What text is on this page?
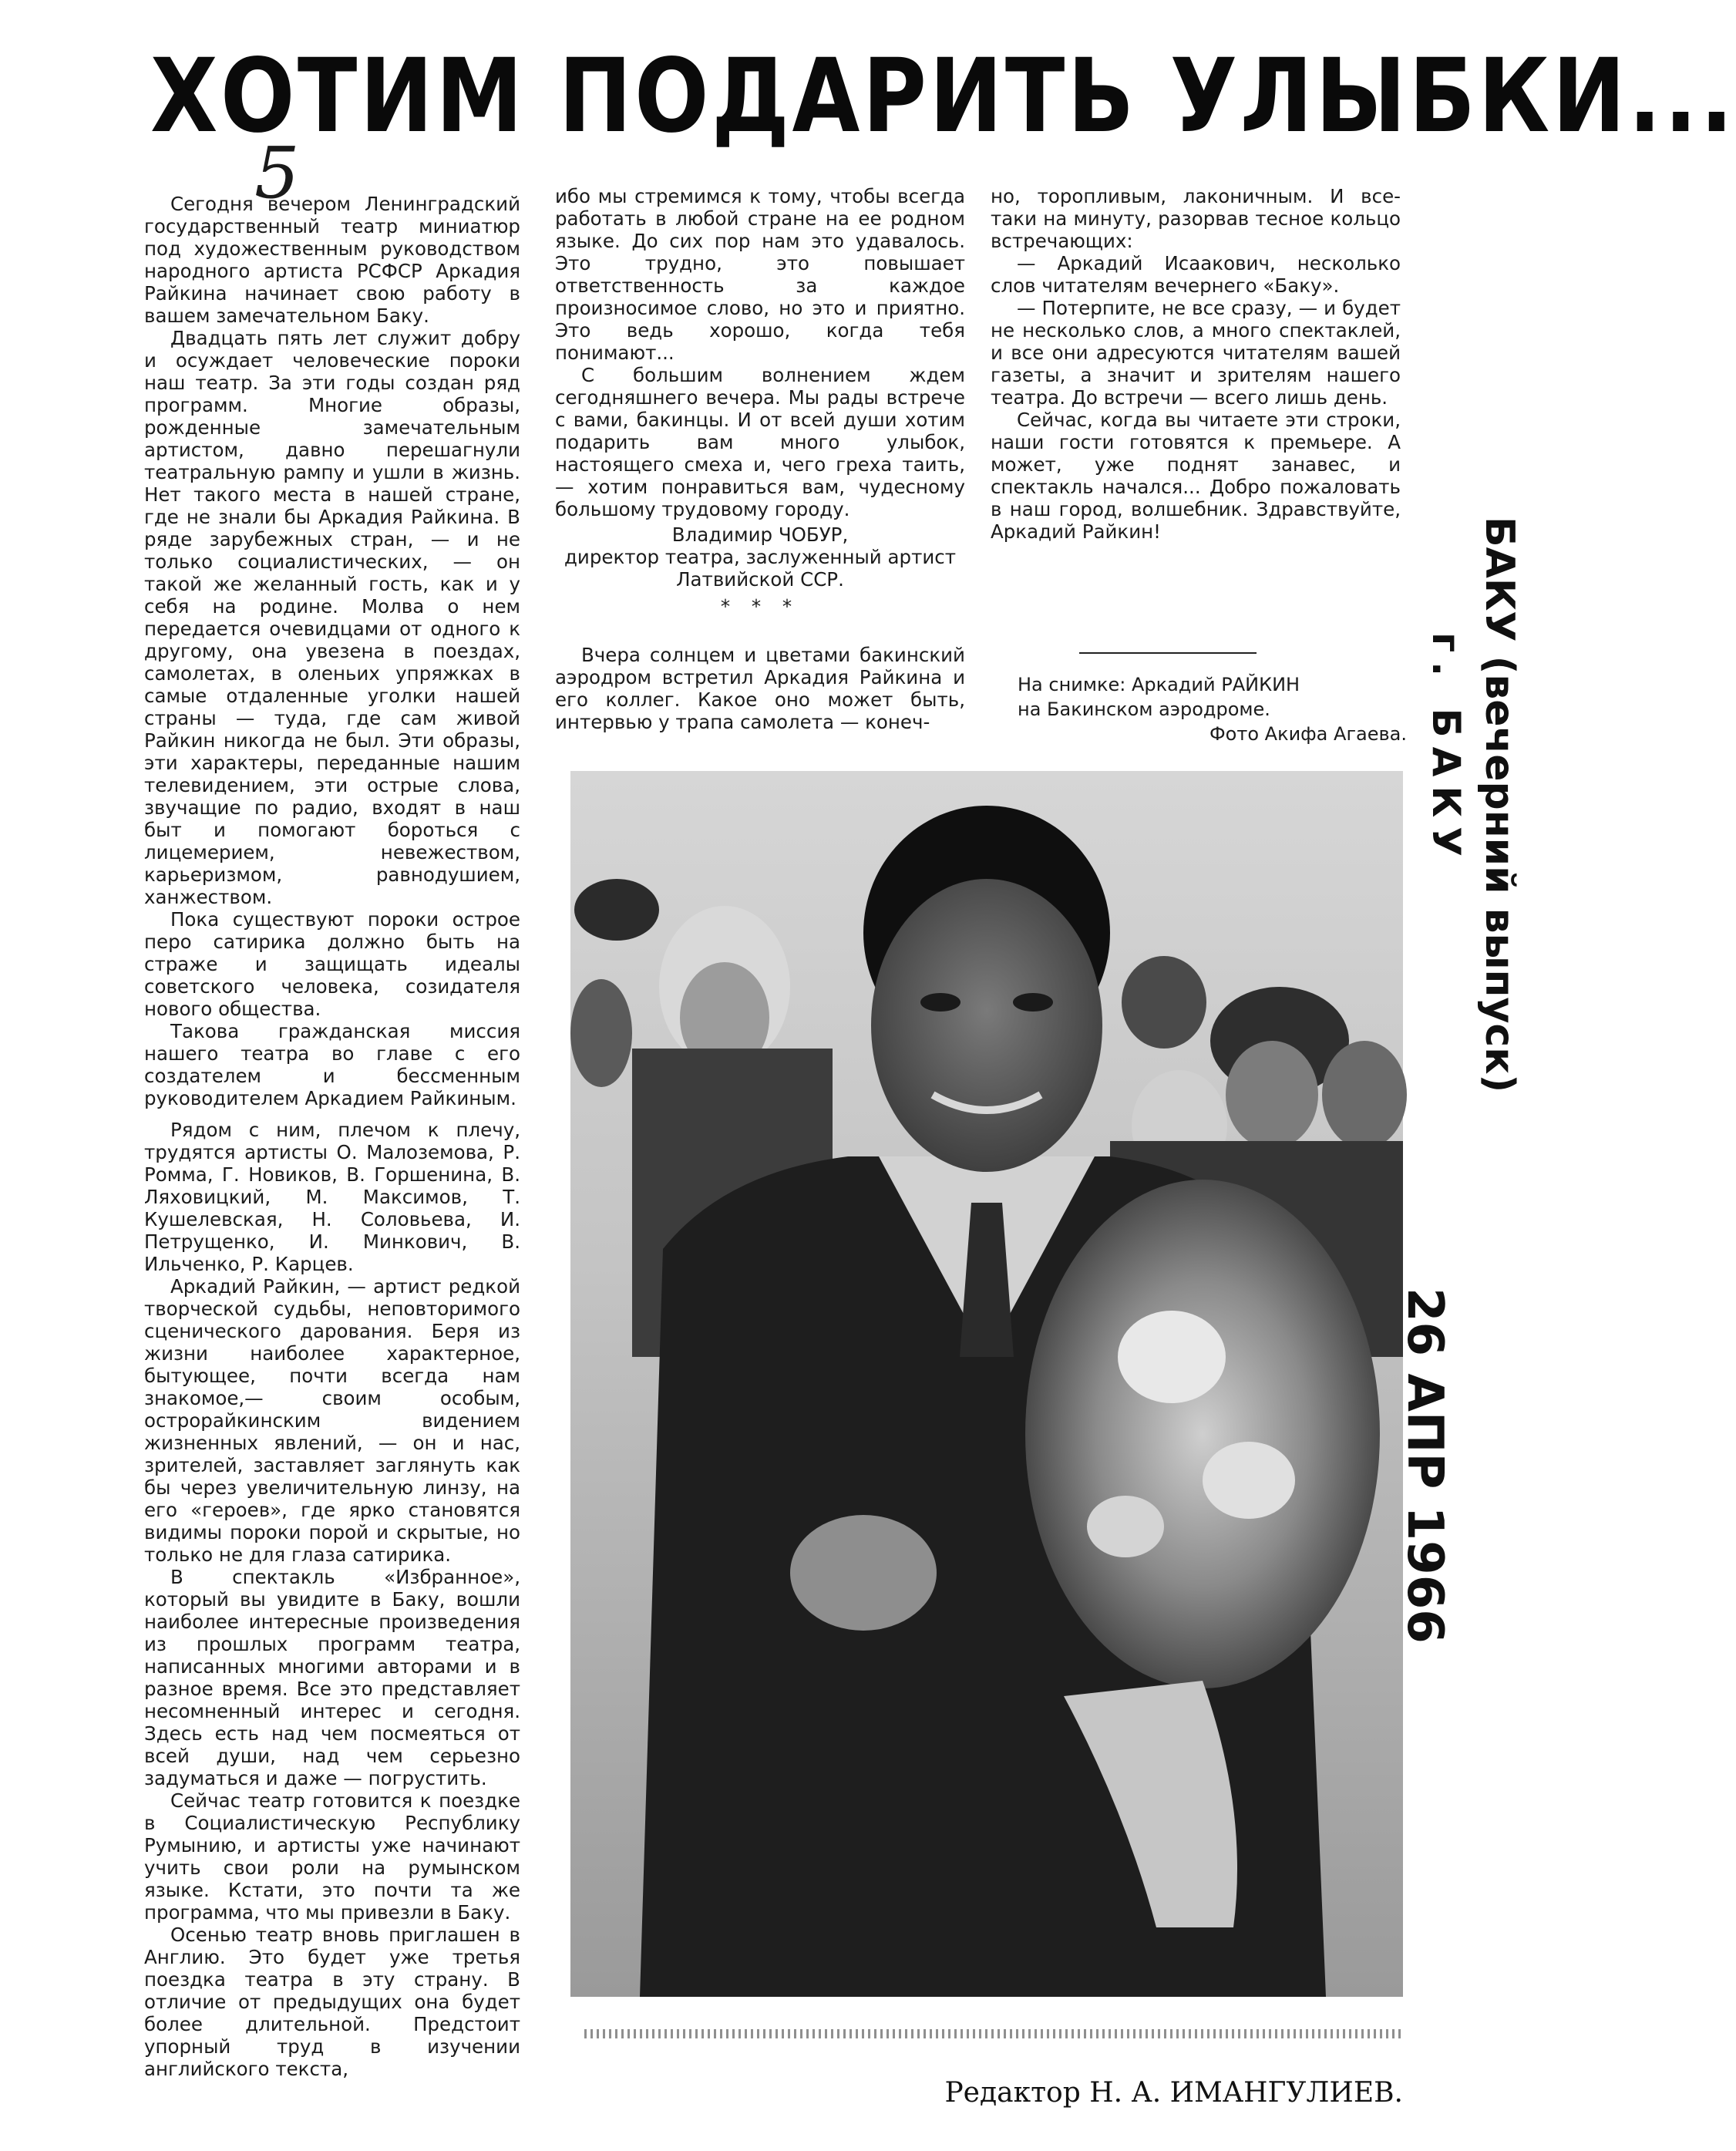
ХОТИМ ПОДАРИТЬ УЛЫБКИ...
5

Сегодня вечером Ленинградский государственный театр миниатюр под художественным руководством народного артиста РСФСР Аркадия Райкина начинает свою работу в вашем замечательном Баку.

Двадцать пять лет служит добру и осуждает человеческие пороки наш театр. За эти годы создан ряд программ. Многие образы, рожденные замечательным артистом, давно перешагнули театральную рампу и ушли в жизнь. Нет такого места в нашей стране, где не знали бы Аркадия Райкина. В ряде зарубежных стран, — и не только социалистических, — он такой же желанный гость, как и у себя на родине. Молва о нем передается очевидцами от одного к другому, она увезена в поездах, самолетах, в оленьих упряжках в самые отдаленные уголки нашей страны — туда, где сам живой Райкин никогда не был. Эти образы, эти характеры, переданные нашим телевидением, эти острые слова, звучащие по радио, входят в наш быт и помогают бороться с лицемерием, невежеством, карьеризмом, равнодушием, ханжеством.

Пока существуют пороки острое перо сатирика должно быть на страже и защищать идеалы советского человека, созидателя нового общества.

Такова гражданская миссия нашего театра во главе с его создателем и бессменным руководителем Аркадием Райкиным.

Рядом с ним, плечом к плечу, трудятся артисты О. Малоземова, Р. Ромма, Г. Новиков, В. Горшенина, В. Ляховицкий, М. Максимов, Т. Кушелевская, Н. Соловьева, И. Петрущенко, И. Минкович, В. Ильченко, Р. Карцев.

Аркадий Райкин, — артист редкой творческой судьбы, неповторимого сценического дарования. Беря из жизни наиболее характерное, бытующее, почти всегда нам знакомое,— своим особым, острорайкинским видением жизненных явлений, — он и нас, зрителей, заставляет заглянуть как бы через увеличительную линзу, на его «героев», где ярко становятся видимы пороки порой и скрытые, но только не для глаза сатирика.

В спектакль «Избранное», который вы увидите в Баку, вошли наиболее интересные произведения из прошлых программ театра, написанных многими авторами и в разное время. Все это представляет несомненный интерес и сегодня. Здесь есть над чем посмеяться от всей души, над чем серьезно задуматься и даже — погрустить.

Сейчас театр готовится к поездке в Социалистическую Республику Румынию, и артисты уже начинают учить свои роли на румынском языке. Кстати, это почти та же программа, что мы привезли в Баку.

Осенью театр вновь приглашен в Англию. Это будет уже третья поездка театра в эту страну. В отличие от предыдущих она будет более длительной. Предстоит упорный труд в изучении английского текста,

ибо мы стремимся к тому, чтобы всегда работать в любой стране на ее родном языке. До сих пор нам это удавалось. Это трудно, это повышает ответственность за каждое произносимое слово, но это и приятно. Это ведь хорошо, когда тебя понимают...

С большим волнением ждем сегодняшнего вечера. Мы рады встрече с вами, бакинцы. И от всей души хотим подарить вам много улыбок, настоящего смеха и, чего греха таить, — хотим понравиться вам, чудесному большому трудовому городу.

Владимир ЧОБУР,

директор театра, заслуженный артист Латвийской ССР.

* * *

Вчера солнцем и цветами бакинский аэродром встретил Аркадия Райкина и его коллег. Какое оно может быть, интервью у трапа самолета — конеч-

но, торопливым, лаконичным. И все-таки на минуту, разорвав тесное кольцо встречающих:

— Аркадий Исаакович, несколько слов читателям вечернего «Баку».

— Потерпите, не все сразу, — и будет не несколько слов, а много спектаклей, и все они адресуются читателям вашей газеты, а значит и зрителям нашего театра. До встречи — всего лишь день.

Сейчас, когда вы читаете эти строки, наши гости готовятся к премьере. А может, уже поднят занавес, и спектакль начался... Добро пожаловать в наш город, волшебник. Здравствуйте, Аркадий Райкин!

На снимке: Аркадий РАЙКИН
на Бакинском аэродроме.
Фото Акифа Агаева.
Редактор Н. А. ИМАНГУЛИЕВ.
БАКУ (вечерний выпуск)
г. БАКУ
26 АПР 1966
